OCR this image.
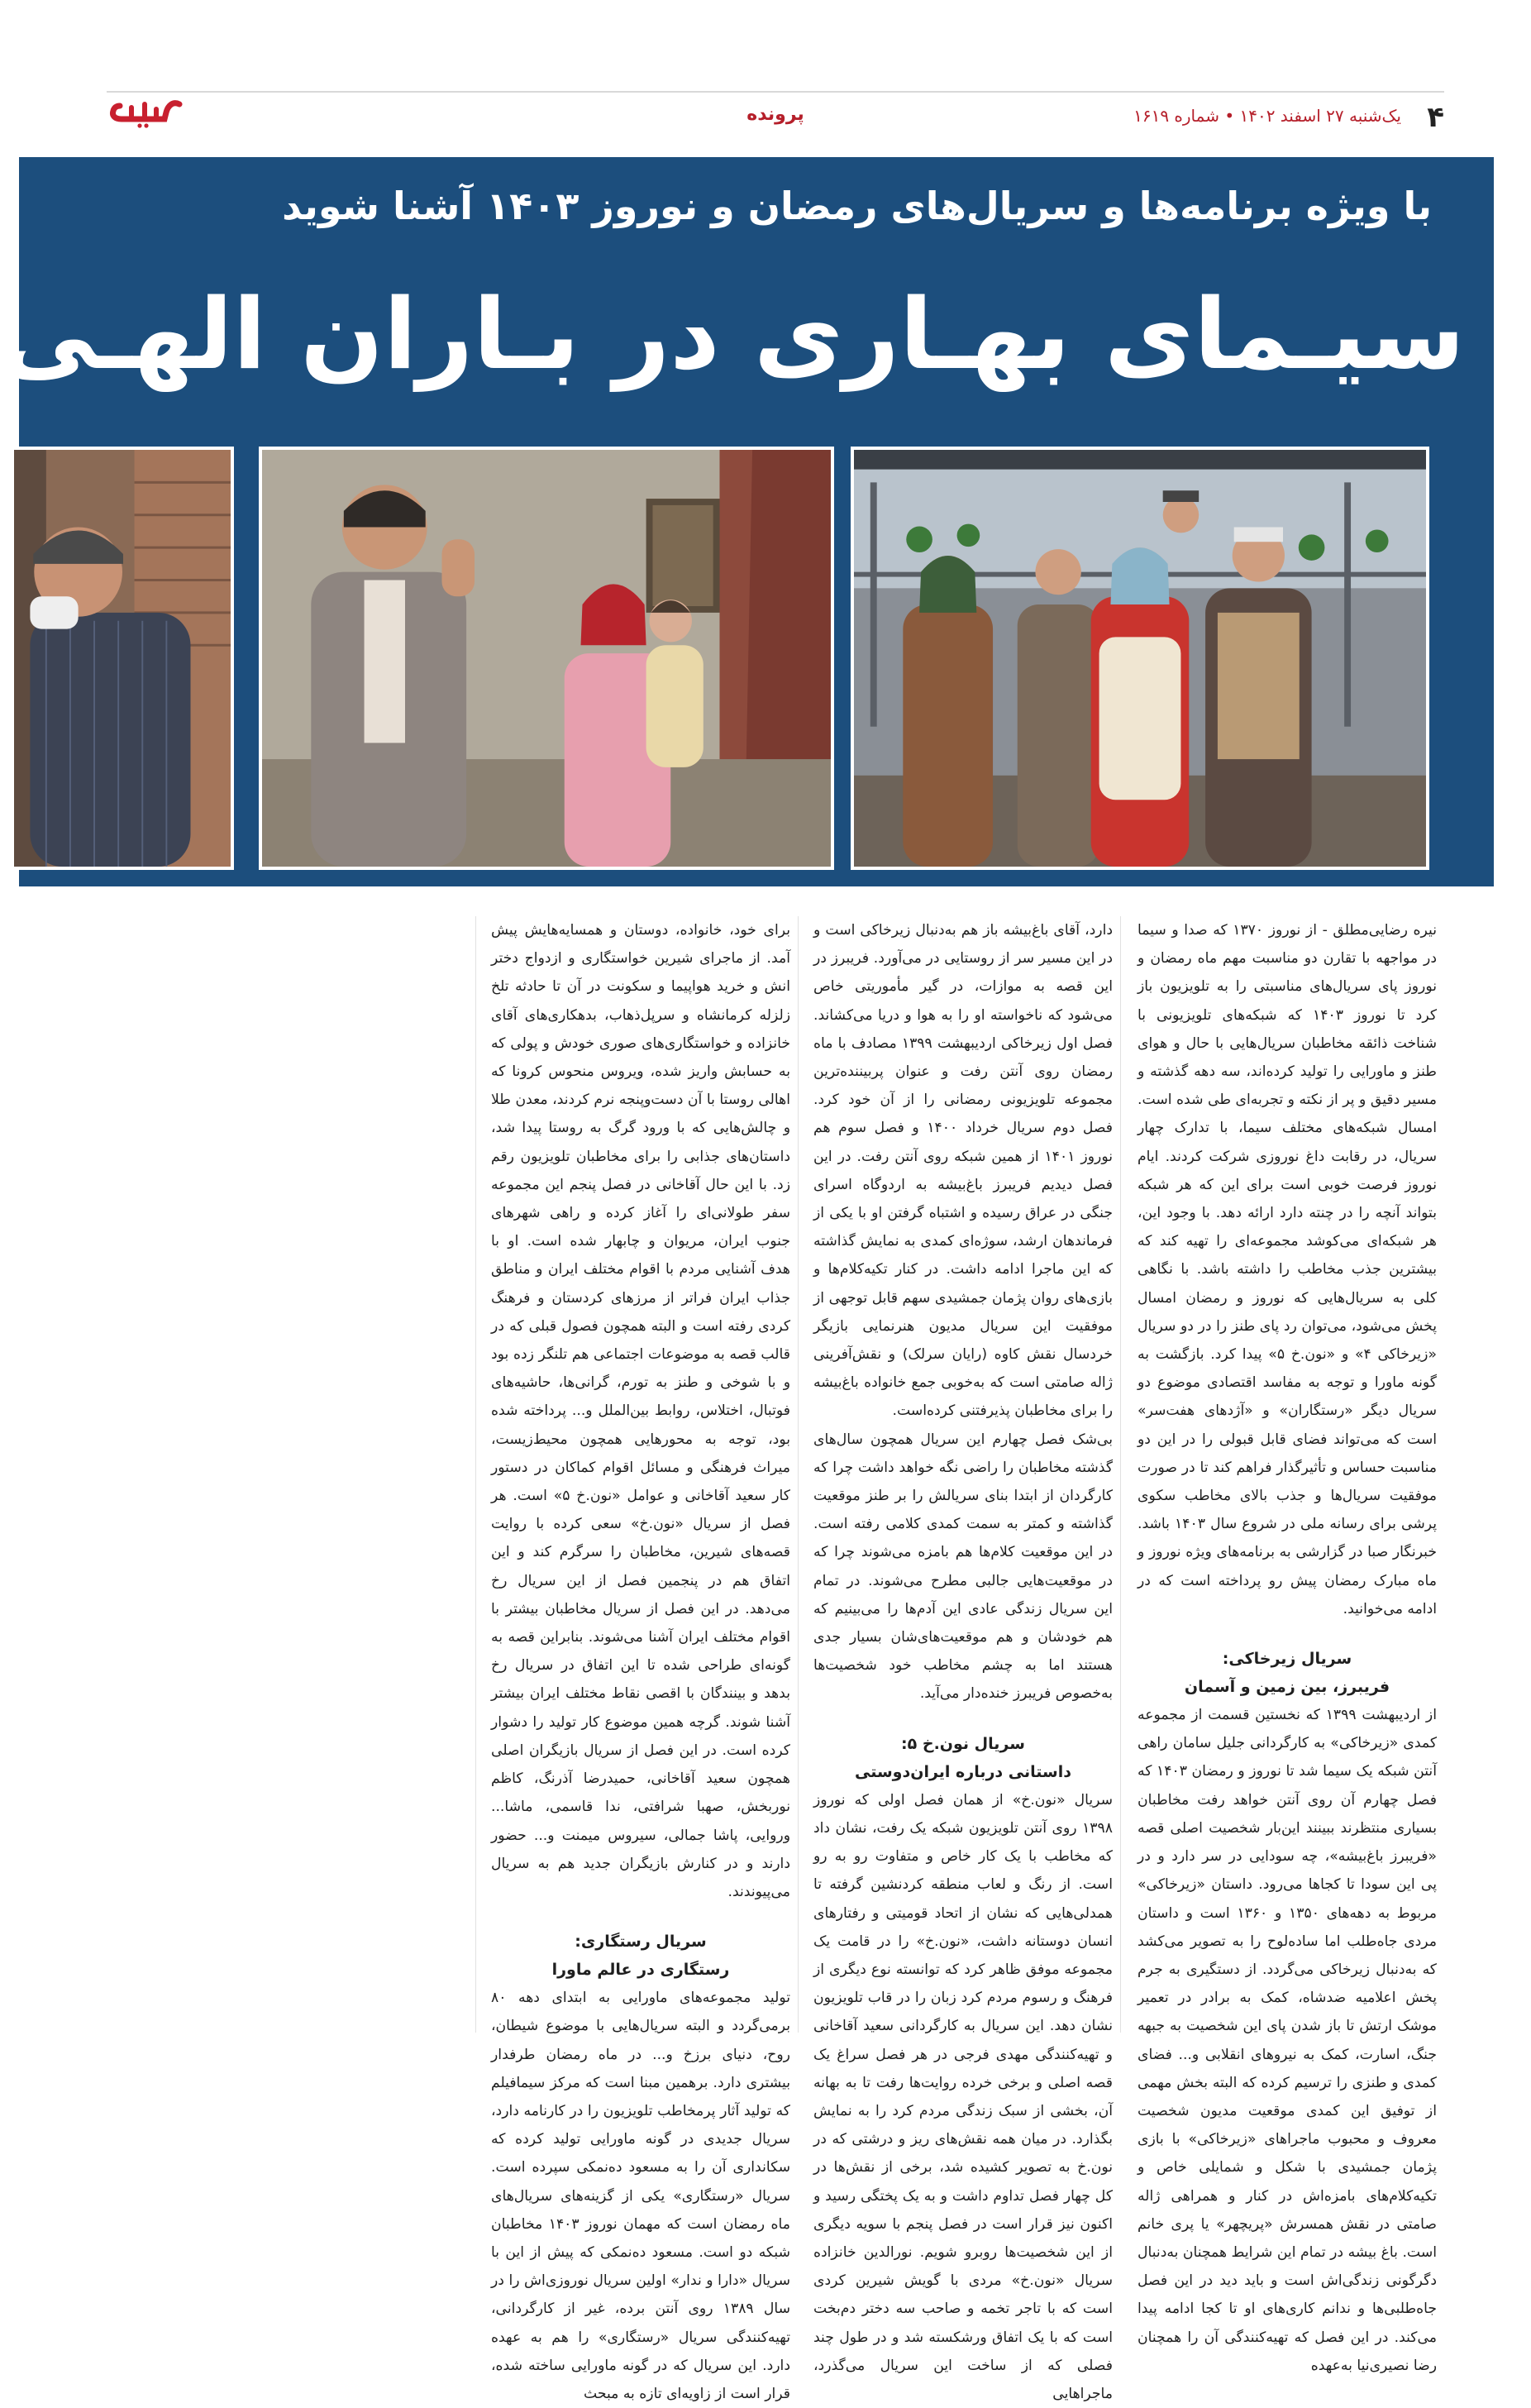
۴
یک‌شنبه ۲۷ اسفند ۱۴۰۲ • شماره ۱۶۱۹
پرونده
با ویژه برنامه‌ها و سریال‌های رمضان و نوروز ۱۴۰۳ آشنا شوید
سیـمای بهـاری در بـاران الهـی

نیره رضایی‌مطلق - از نوروز ۱۳۷۰ که صدا و سیما در مواجهه با تقارن دو مناسبت مهم ماه رمضان و نوروز پای سریال‌های مناسبتی را به تلویزیون باز کرد تا نوروز ۱۴۰۳ که شبکه‌های تلویزیونی با شناخت ذائقه مخاطبان سریال‌هایی با حال و هوای طنز و ماورایی را تولید کرده‌اند، سه دهه گذشته و مسیر دقیق و پر از نکته و تجربه‌ای طی شده است. امسال شبکه‌های مختلف سیما، با تدارک چهار سریال، در رقابت داغ نوروزی شرکت کردند. ایام نوروز فرصت خوبی است برای این که هر شبکه بتواند آنچه را در چنته دارد ارائه دهد. با وجود این، هر شبکه‌ای می‌کوشد مجموعه‌ای را تهیه کند که بیشترین جذب مخاطب را داشته باشد. با نگاهی کلی به سریال‌هایی که نوروز و رمضان امسال پخش می‌شود، می‌توان رد پای طنز را در دو سریال «زیرخاکی ۴» و «نون.خ ۵» پیدا کرد. بازگشت به گونه ماورا و توجه به مفاسد اقتصادی موضوع دو سریال دیگر «رستگاران» و «آژدهای هفت‌سر» است که می‌تواند فضای قابل قبولی را در این دو مناسبت حساس و تأثیرگذار فراهم کند تا در صورت موفقیت سریال‌ها و جذب بالای مخاطب سکوی پرشی برای رسانه ملی در شروع سال ۱۴۰۳ باشد. خبرنگار صبا در گزارشی به برنامه‌های ویژه نوروز و ماه مبارک رمضان پیش رو پرداخته است که در ادامه می‌خوانید.

سریال زیرخاکی:
فریبرز، بین زمین و آسمان

از اردیبهشت ۱۳۹۹ که نخستین قسمت از مجموعه کمدی «زیرخاکی» به کارگردانی جلیل سامان راهی آنتن شبکه یک سیما شد تا نوروز و رمضان ۱۴۰۳ که فصل چهارم آن روی آنتن خواهد رفت مخاطبان بسیاری منتظرند ببینند این‌بار شخصیت اصلی قصه «فریبرز باغ‌بیشه»، چه سودایی در سر دارد و در پی این سودا تا کجاها می‌رود. داستان «زیرخاکی» مربوط به دهه‌های ۱۳۵۰ و ۱۳۶۰ است و داستان مردی جاه‌طلب اما ساده‌لوح را به تصویر می‌کشد که به‌دنبال زیرخاکی می‌گردد. از دستگیری به جرم پخش اعلامیه ضدشاه، کمک به برادر در تعمیر موشک ارتش تا باز شدن پای این شخصیت به جبهه جنگ، اسارت، کمک به نیروهای انقلابی و... فضای کمدی و طنزی را ترسیم کرده که البته بخش مهمی از توفیق این کمدی موقعیت مدیون شخصیت معروف و محبوب ماجراهای «زیرخاکی» با بازی پژمان جمشیدی با شکل و شمایلی خاص و تکیه‌کلام‌های بامزه‌اش در کنار و همراهی ژاله صامتی در نقش همسرش «پریچهر» یا پری خانم است. باغ بیشه در تمام این شرایط همچنان به‌دنبال دگرگونی زندگی‌اش است و باید دید در این فصل جاه‌طلبی‌ها و ندانم کاری‌های او تا کجا ادامه پیدا می‌کند. در این فصل که تهیه‌کنندگی آن را همچنان رضا نصیری‌نیا به‌عهده

دارد، آقای باغ‌بیشه باز هم به‌دنبال زیرخاکی است و در این مسیر سر از روستایی در می‌آورد. فریبرز در این قصه به موازات، در گیر مأموریتی خاص می‌شود که ناخواسته او را به هوا و دریا می‌کشاند. فصل اول زیرخاکی اردیبهشت ۱۳۹۹ مصادف با ماه رمضان روی آنتن رفت و عنوان پربیننده‌ترین مجموعه تلویزیونی رمضانی را از آن خود کرد. فصل دوم سریال خرداد ۱۴۰۰ و فصل سوم هم نوروز ۱۴۰۱ از همین شبکه روی آنتن رفت. در این فصل دیدیم فریبرز باغ‌بیشه به اردوگاه اسرای جنگی در عراق رسیده و اشتباه گرفتن او با یکی از فرماندهان ارشد، سوژه‌ای کمدی به نمایش گذاشته که این ماجرا ادامه داشت. در کنار تکیه‌کلام‌ها و بازی‌های روان پژمان جمشیدی سهم قابل توجهی از موفقیت این سریال مدیون هنرنمایی بازیگر خردسال نقش کاوه (رایان سرلک) و نقش‌آفرینی ژاله صامتی است که به‌خوبی جمع خانواده باغ‌بیشه را برای مخاطبان پذیرفتنی کرده‌است.

بی‌شک فصل چهارم این سریال همچون سال‌های گذشته مخاطبان را راضی نگه خواهد داشت چرا که کارگردان از ابتدا بنای سریالش را بر طنز موقعیت گذاشته و کمتر به سمت کمدی کلامی رفته است. در این موقعیت کلام‌ها هم بامزه می‌شوند چرا که در موقعیت‌هایی جالبی مطرح می‌شوند. در تمام این سریال زندگی عادی این آدم‌ها را می‌بینیم که هم خودشان و هم موقعیت‌های‌شان بسیار جدی هستند اما به چشم مخاطب خود شخصیت‌ها به‌خصوص فریبرز خنده‌دار می‌آید.

سریال نون.خ ۵:
داستانی درباره ایران‌دوستی

سریال «نون.خ» از همان فصل اولی که نوروز ۱۳۹۸ روی آنتن تلویزیون شبکه یک رفت، نشان داد که مخاطب با یک کار خاص و متفاوت رو به رو است. از رنگ و لعاب منطقه کردنشین گرفته تا همدلی‌هایی که نشان از اتحاد قومیتی و رفتارهای انسان دوستانه داشت، «نون.خ» را در قامت یک مجموعه موفق ظاهر کرد که توانسته نوع دیگری از فرهنگ و رسوم مردم کرد زبان را در قاب تلویزیون نشان دهد. این سریال به کارگردانی سعید آقاخانی و تهیه‌کنندگی مهدی فرجی در هر فصل سراغ یک قصه اصلی و برخی خرده روایت‌ها رفت تا به بهانه آن، بخشی از سبک زندگی مردم کرد را به نمایش بگذارد. در میان همه نقش‌های ریز و درشتی که در نون.خ به تصویر کشیده شد، برخی از نقش‌ها در کل چهار فصل تداوم داشت و به یک پختگی رسید و اکنون نیز قرار است در فصل پنجم با سویه دیگری از این شخصیت‌ها روبرو شویم. نورالدین خانزاده سریال «نون.خ» مردی با گویش شیرین کردی است که با تاجر تخمه و صاحب سه دختر دم‌بخت است که با یک اتفاق ورشکسته شد و در طول چند فصلی که از ساخت این سریال می‌گذرد، ماجراهایی

برای خود، خانواده، دوستان و همسایه‌هایش پیش آمد. از ماجرای شیرین خواستگاری و ازدواج دختر انش و خرید هواپیما و سکونت در آن تا حادثه تلخ زلزله کرمانشاه و سرپل‌ذهاب، بدهکاری‌های آقای خانزاده و خواستگاری‌های صوری خودش و پولی که به حسابش واریز شده، ویروس منحوس کرونا که اهالی روستا با آن دست‌وپنجه نرم کردند، معدن طلا و چالش‌هایی که با ورود گرگ به روستا پیدا شد، داستان‌های جذابی را برای مخاطبان تلویزیون رقم زد. با این حال آقاخانی در فصل پنجم این مجموعه سفر طولانی‌ای را آغاز کرده و راهی شهرهای جنوب ایران، مریوان و چابهار شده است. او با هدف آشنایی مردم با اقوام مختلف ایران و مناطق جذاب ایران فراتر از مرزهای کردستان و فرهنگ کردی رفته است و البته همچون فصول قبلی که در قالب قصه به موضوعات اجتماعی هم تلنگر زده بود و با شوخی و طنز به تورم، گرانی‌ها، حاشیه‌های فوتبال، اختلاس، روابط بین‌الملل و... پرداخته شده بود، توجه به محورهایی همچون محیط‌زیست، میراث فرهنگی و مسائل اقوام کماکان در دستور کار سعید آقاخانی و عوامل «نون.خ ۵» است. هر فصل از سریال «نون.خ» سعی کرده با روایت قصه‌های شیرین، مخاطبان را سرگرم کند و این اتفاق هم در پنجمین فصل از این سریال رخ می‌دهد. در این فصل از سریال مخاطبان بیشتر با اقوام مختلف ایران آشنا می‌شوند. بنابراین قصه به گونه‌ای طراحی شده تا این اتفاق در سریال رخ بدهد و بینندگان با اقصی نقاط مختلف ایران بیشتر آشنا شوند. گرچه همین موضوع کار تولید را دشوار کرده است. در این فصل از سریال بازیگران اصلی همچون سعید آقاخانی، حمیدرضا آذرنگ، کاظم نوربخش، صهبا شرافتی، ندا قاسمی، ماشا... وروایی، پاشا جمالی، سیروس میمنت و... حضور دارند و در کنارش بازیگران جدید هم به سریال می‌پیوندند.

سریال رستگاری:
رستگاری در عالم ماورا

تولید مجموعه‌های ماورایی به ابتدای دهه ۸۰ برمی‌گردد و البته سریال‌هایی با موضوع شیطان، روح، دنیای برزخ و... در ماه رمضان طرفدار بیشتری دارد. برهمین مبنا است که مرکز سیمافیلم که تولید آثار پرمخاطب تلویزیون را در کارنامه دارد، سریال جدیدی در گونه ماورایی تولید کرده که سکانداری آن را به مسعود ده‌نمکی سپرده است. سریال «رستگاری» یکی از گزینه‌های سریال‌های ماه رمضان است که مهمان نوروز ۱۴۰۳ مخاطبان شبکه دو است. مسعود ده‌نمکی که پیش از این با سریال «دارا و ندار» اولین سریال نوروزی‌اش را در سال ۱۳۸۹ روی آنتن برده، غیر از کارگردانی، تهیه‌کنندگی سریال «رستگاری» را هم به عهده دارد. این سریال که در گونه ماورایی ساخته شده، قرار است از زاویه‌ای تازه به مبحث
